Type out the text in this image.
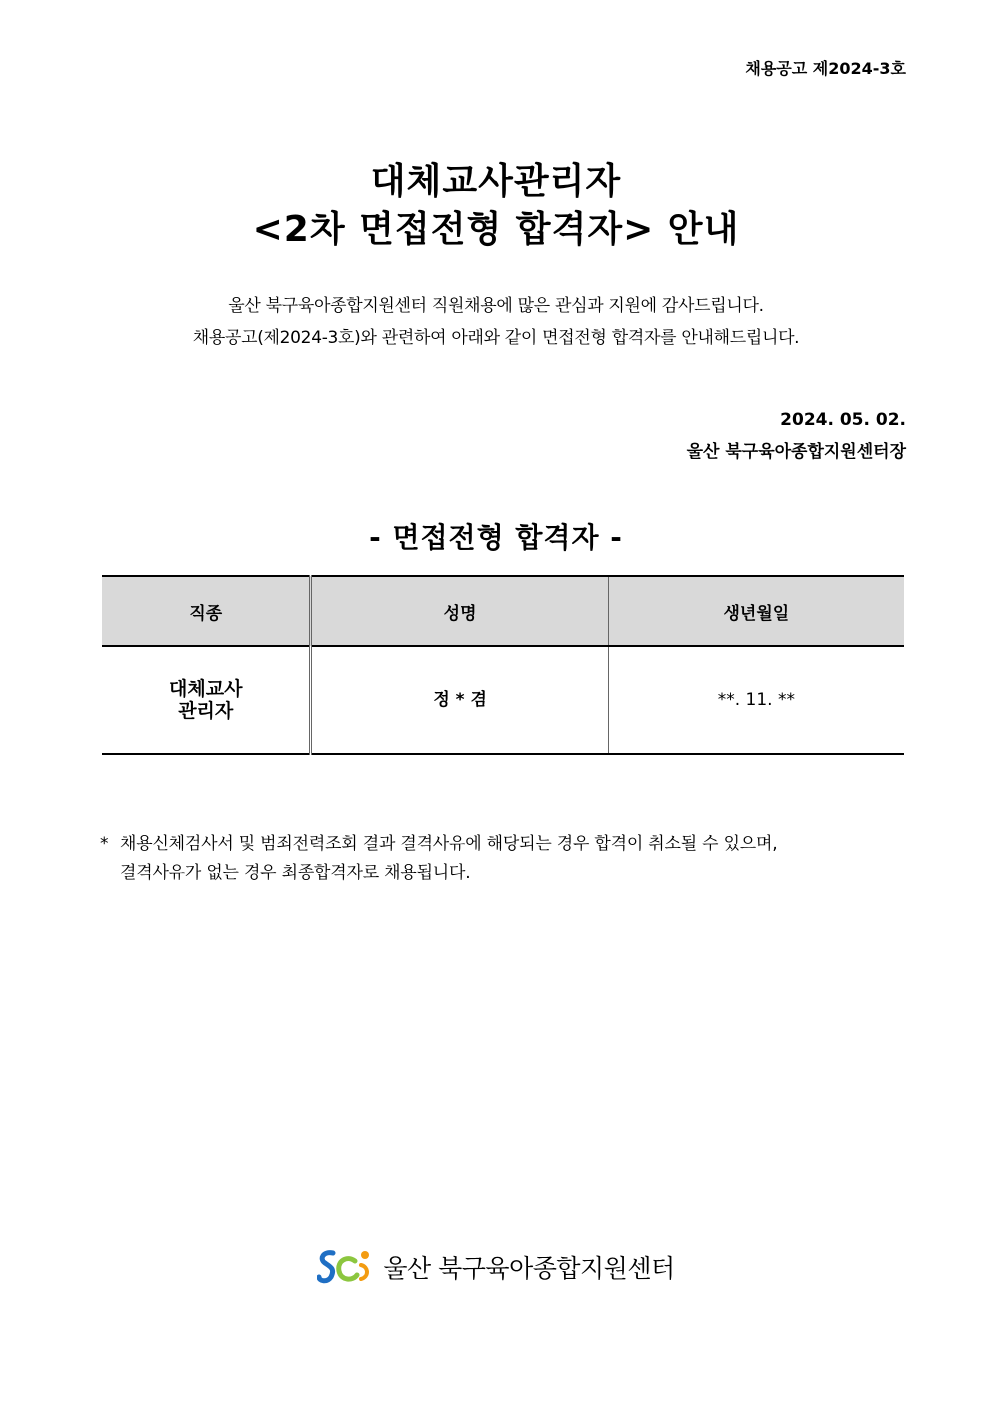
채용공고 제2024-3호
대체교사관리자
<2차 면접전형 합격자> 안내
울산 북구육아종합지원센터 직원채용에 많은 관심과 지원에 감사드립니다.
채용공고(제2024-3호)와 관련하여 아래와 같이 면접전형 합격자를 안내해드립니다.
2024. 05. 02.
울산 북구육아종합지원센터장
- 면접전형 합격자 -
직종	성명	생년월일

대체교사
관리자	정 * 겸	**. 11. **
* 채용신체검사서 및 범죄전력조회 결과 결격사유에 해당되는 경우 합격이 취소될 수 있으며,
결격사유가 없는 경우 최종합격자로 채용됩니다.
울산 북구육아종합지원센터
